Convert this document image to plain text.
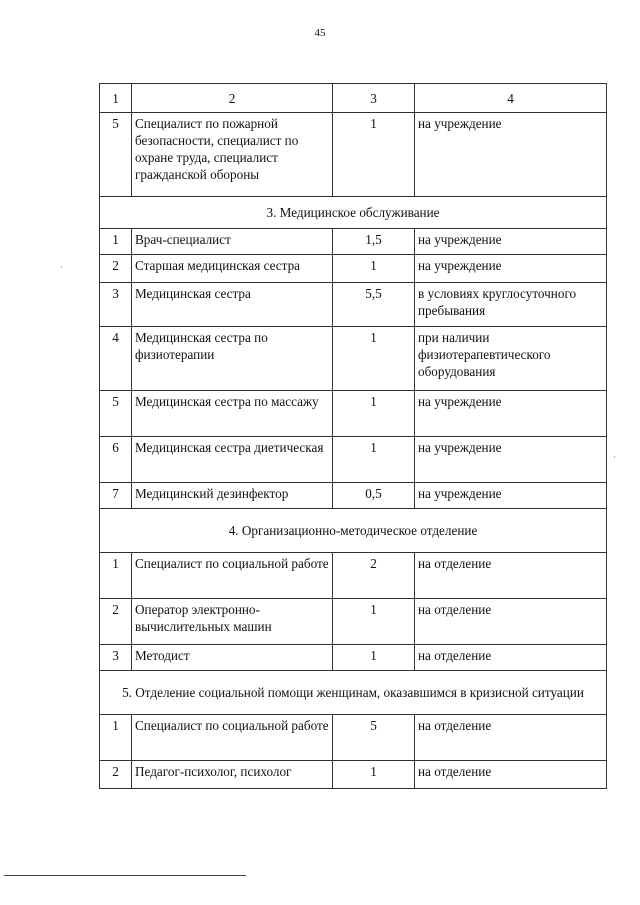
45
1	2	3	4
5	Специалист по пожарной безопасности, специалист по охране труда, специалист гражданской обороны	1	на учреждение
3. Медицинское обслуживание			
1	Врач-специалист	1,5	на учреждение
2	Старшая медицинская сестра	1	на учреждение
3	Медицинская сестра	5,5	в условиях круглосуточного пребывания
4	Медицинская сестра по физиотерапии	1	при наличии физиотерапевтического оборудования
5	Медицинская сестра по массажу	1	на учреждение
6	Медицинская сестра диетическая	1	на учреждение
7	Медицинский дезинфектор	0,5	на учреждение
4. Организационно-методическое отделение			
1	Специалист по социальной работе	2	на отделение
2	Оператор электронно-вычислительных машин	1	на отделение
3	Методист	1	на отделение
5. Отделение социальной помощи женщинам, оказавшимся в кризисной ситуации			
1	Специалист по социальной работе	5	на отделение
2	Педагог-психолог, психолог	1	на отделение
·
·
